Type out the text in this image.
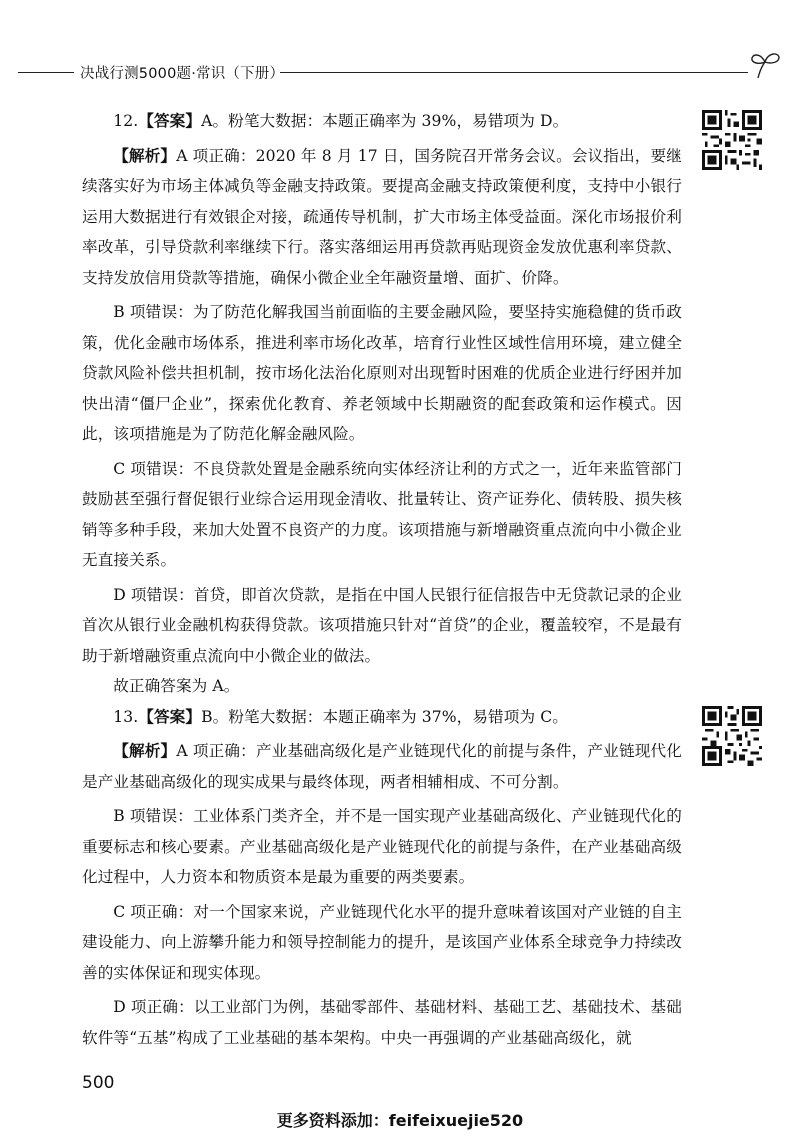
决战行测5000题·常识（下册）

12.【答案】A。粉笔大数据：本题正确率为 39%，易错项为 D。

【解析】A 项正确：2020 年 8 月 17 日，国务院召开常务会议。会议指出，要继续落实好为市场主体减负等金融支持政策。要提高金融支持政策便利度，支持中小银行运用大数据进行有效银企对接，疏通传导机制，扩大市场主体受益面。深化市场报价利率改革，引导贷款利率继续下行。落实落细运用再贷款再贴现资金发放优惠利率贷款、支持发放信用贷款等措施，确保小微企业全年融资量增、面扩、价降。

B 项错误：为了防范化解我国当前面临的主要金融风险，要坚持实施稳健的货币政策，优化金融市场体系，推进利率市场化改革，培育行业性区域性信用环境，建立健全贷款风险补偿共担机制，按市场化法治化原则对出现暂时困难的优质企业进行纾困并加快出清“僵尸企业”，探索优化教育、养老领域中长期融资的配套政策和运作模式。因此，该项措施是为了防范化解金融风险。

C 项错误：不良贷款处置是金融系统向实体经济让利的方式之一，近年来监管部门鼓励甚至强行督促银行业综合运用现金清收、批量转让、资产证券化、债转股、损失核销等多种手段，来加大处置不良资产的力度。该项措施与新增融资重点流向中小微企业无直接关系。

D 项错误：首贷，即首次贷款，是指在中国人民银行征信报告中无贷款记录的企业首次从银行业金融机构获得贷款。该项措施只针对“首贷”的企业，覆盖较窄，不是最有助于新增融资重点流向中小微企业的做法。

故正确答案为 A。

13.【答案】B。粉笔大数据：本题正确率为 37%，易错项为 C。

【解析】A 项正确：产业基础高级化是产业链现代化的前提与条件，产业链现代化是产业基础高级化的现实成果与最终体现，两者相辅相成、不可分割。

B 项错误：工业体系门类齐全，并不是一国实现产业基础高级化、产业链现代化的重要标志和核心要素。产业基础高级化是产业链现代化的前提与条件，在产业基础高级化过程中，人力资本和物质资本是最为重要的两类要素。

C 项正确：对一个国家来说，产业链现代化水平的提升意味着该国对产业链的自主建设能力、向上游攀升能力和领导控制能力的提升，是该国产业体系全球竞争力持续改善的实体保证和现实体现。

D 项正确：以工业部门为例，基础零部件、基础材料、基础工艺、基础技术、基础软件等“五基”构成了工业基础的基本架构。中央一再强调的产业基础高级化，就

500
更多资料添加：feifeixuejie520
